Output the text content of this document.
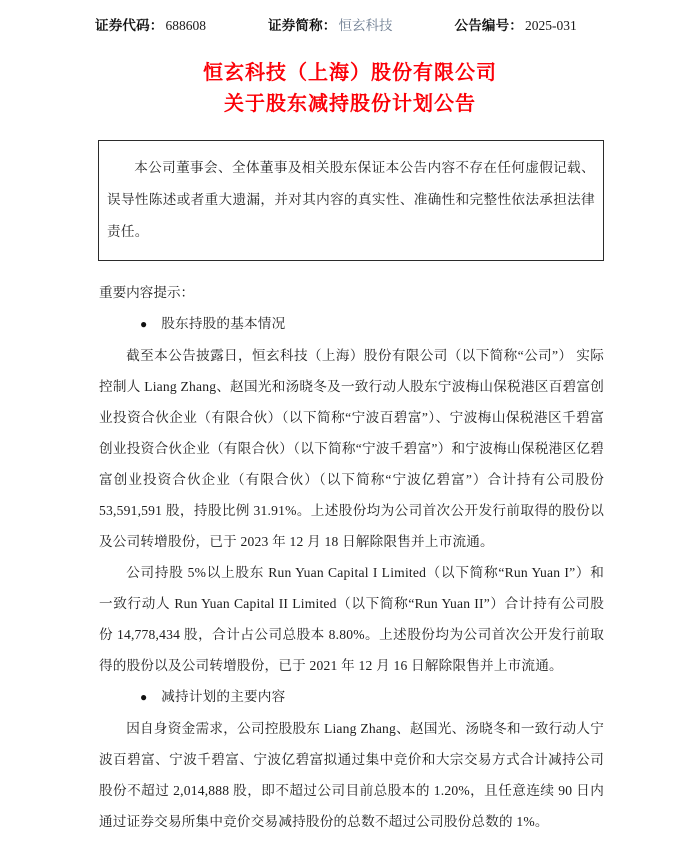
证券代码： 688608	证券简称： 恒玄科技	公告编号： 2025-031
恒玄科技（上海）股份有限公司
关于股东减持股份计划公告

本公司董事会、全体董事及相关股东保证本公告内容不存在任何虚假记载、误导性陈述或者重大遗漏，并对其内容的真实性、准确性和完整性依法承担法律责任。

重要内容提示：

● 股东持股的基本情况

截至本公告披露日，恒玄科技（上海）股份有限公司（以下简称“公司”） 实际控制人 Liang Zhang、赵国光和汤晓冬及一致行动人股东宁波梅山保税港区百碧富创业投资合伙企业（有限合伙）（以下简称“宁波百碧富”）、宁波梅山保税港区千碧富创业投资合伙企业（有限合伙）（以下简称“宁波千碧富”）和宁波梅山保税港区亿碧富创业投资合伙企业（有限合伙）（以下简称“宁波亿碧富”）合计持有公司股份 53,591,591 股，持股比例 31.91%。上述股份均为公司首次公开发行前取得的股份以及公司转增股份，已于 2023 年 12 月 18 日解除限售并上市流通。

公司持股 5%以上股东 Run Yuan Capital I Limited（以下简称“Run Yuan I”）和一致行动人 Run Yuan Capital II Limited（以下简称“Run Yuan II”）合计持有公司股份 14,778,434 股，合计占公司总股本 8.80%。上述股份均为公司首次公开发行前取得的股份以及公司转增股份，已于 2021 年 12 月 16 日解除限售并上市流通。

● 减持计划的主要内容

因自身资金需求，公司控股股东 Liang Zhang、赵国光、汤晓冬和一致行动人宁波百碧富、宁波千碧富、宁波亿碧富拟通过集中竞价和大宗交易方式合计减持公司股份不超过 2,014,888 股，即不超过公司目前总股本的 1.20%，且任意连续 90 日内通过证券交易所集中竞价交易减持股份的总数不超过公司股份总数的 1%。
